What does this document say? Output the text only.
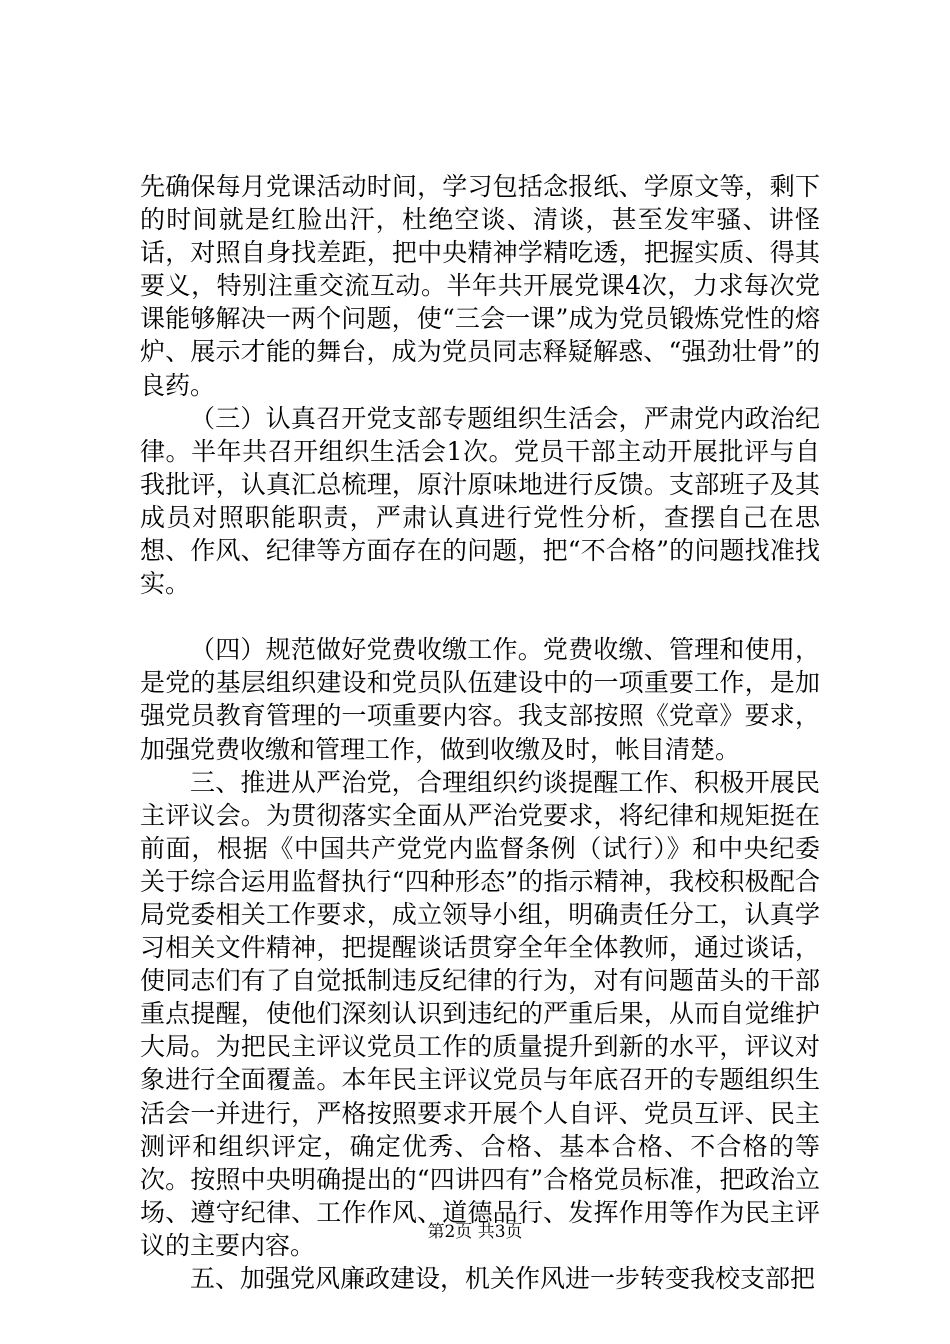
先确保每月党课活动时间，学习包括念报纸、学原文等，剩下的时间就是红脸出汗，杜绝空谈、清谈，甚至发牢骚、讲怪话，对照自身找差距，把中央精神学精吃透，把握实质、得其要义，特别注重交流互动。半年共开展党课4次，力求每次党课能够解决一两个问题，使“三会一课”成为党员锻炼党性的熔炉、展示才能的舞台，成为党员同志释疑解惑、“强劲壮骨”的良药。

（三）认真召开党支部专题组织生活会，严肃党内政治纪律。半年共召开组织生活会1次。党员干部主动开展批评与自我批评，认真汇总梳理，原汁原味地进行反馈。支部班子及其成员对照职能职责，严肃认真进行党性分析，查摆自己在思想、作风、纪律等方面存在的问题，把“不合格”的问题找准找实。

（四）规范做好党费收缴工作。党费收缴、管理和使用，是党的基层组织建设和党员队伍建设中的一项重要工作，是加强党员教育管理的一项重要内容。我支部按照《党章》要求，加强党费收缴和管理工作，做到收缴及时，帐目清楚。

三、推进从严治党，合理组织约谈提醒工作、积极开展民主评议会。为贯彻落实全面从严治党要求，将纪律和规矩挺在前面，根据《中国共产党党内监督条例（试行）》和中央纪委关于综合运用监督执行“四种形态”的指示精神，我校积极配合局党委相关工作要求，成立领导小组，明确责任分工，认真学习相关文件精神，把提醒谈话贯穿全年全体教师，通过谈话，使同志们有了自觉抵制违反纪律的行为，对有问题苗头的干部重点提醒，使他们深刻认识到违纪的严重后果，从而自觉维护大局。为把民主评议党员工作的质量提升到新的水平，评议对象进行全面覆盖。本年民主评议党员与年底召开的专题组织生活会一并进行，严格按照要求开展个人自评、党员互评、民主测评和组织评定，确定优秀、合格、基本合格、不合格的等次。按照中央明确提出的“四讲四有”合格党员标准，把政治立场、遵守纪律、工作作风、道德品行、发挥作用等作为民主评议的主要内容。

五、加强党风廉政建设，机关作风进一步转变我校支部把

第2页 共3页
